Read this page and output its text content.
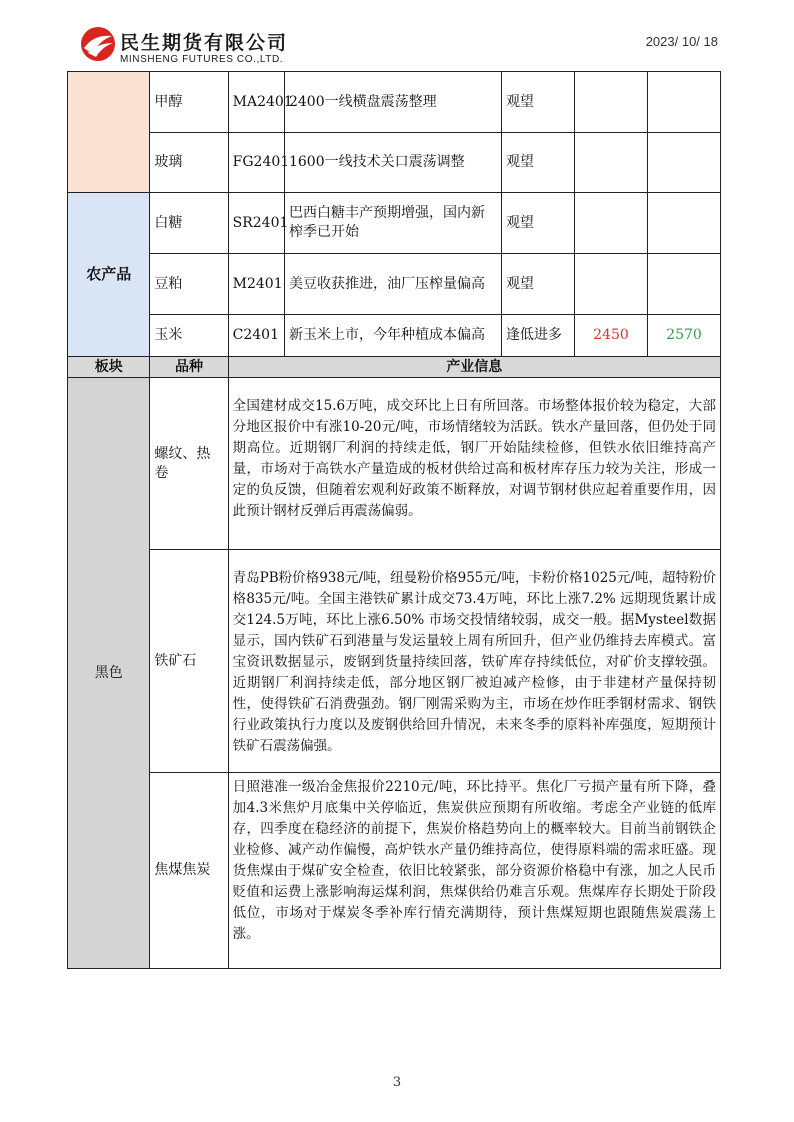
民生期货有限公司
MINSHENG FUTURES CO.,LTD.
2023/ 10/ 18
	甲醇	MA2401	2400一线横盘震荡整理	观望		
	玻璃	FG2401	1600一线技术关口震荡调整	观望		
农产品	白糖	SR2401	巴西白糖丰产预期增强，国内新榨季已开始	观望		
	豆粕	M2401	美豆收获推进，油厂压榨量偏高	观望		
	玉米	C2401	新玉米上市，今年种植成本偏高	逢低进多	2450	2570
板块	品种	产业信息				
黑色	螺纹、热卷	全国建材成交15.6万吨，成交环比上日有所回落。市场整体报价较为稳定，大部分地区报价中有涨10-20元/吨，市场情绪较为活跃。铁水产量回落，但仍处于同期高位。近期钢厂利润的持续走低，钢厂开始陆续检修，但铁水依旧维持高产量，市场对于高铁水产量造成的板材供给过高和板材库存压力较为关注，形成一定的负反馈，但随着宏观利好政策不断释放，对调节钢材供应起着重要作用，因此预计钢材反弹后再震荡偏弱。				
	铁矿石	青岛PB粉价格938元/吨，纽曼粉价格955元/吨，卡粉价格1025元/吨，超特粉价格835元/吨。全国主港铁矿累计成交73.4万吨，环比上涨7.2% 远期现货累计成交124.5万吨，环比上涨6.50% 市场交投情绪较弱，成交一般。据Mysteel数据显示，国内铁矿石到港量与发运量较上周有所回升，但产业仍维持去库模式。富宝资讯数据显示，废钢到货量持续回落，铁矿库存持续低位，对矿价支撑较强。近期钢厂利润持续走低，部分地区钢厂被迫减产检修，由于非建材产量保持韧性，使得铁矿石消费强劲。钢厂刚需采购为主，市场在炒作旺季钢材需求、钢铁行业政策执行力度以及废钢供给回升情况，未来冬季的原料补库强度，短期预计铁矿石震荡偏强。				
	焦煤焦炭	日照港准一级冶金焦报价2210元/吨，环比持平。焦化厂亏损产量有所下降，叠加4.3米焦炉月底集中关停临近，焦炭供应预期有所收缩。考虑全产业链的低库存，四季度在稳经济的前提下，焦炭价格趋势向上的概率较大。目前当前钢铁企业检修、减产动作偏慢，高炉铁水产量仍维持高位，使得原料端的需求旺盛。现货焦煤由于煤矿安全检查，依旧比较紧张，部分资源价格稳中有涨，加之人民币贬值和运费上涨影响海运煤利润，焦煤供给仍难言乐观。焦煤库存长期处于阶段低位，市场对于煤炭冬季补库行情充满期待，预计焦煤短期也跟随焦炭震荡上涨。				
3
